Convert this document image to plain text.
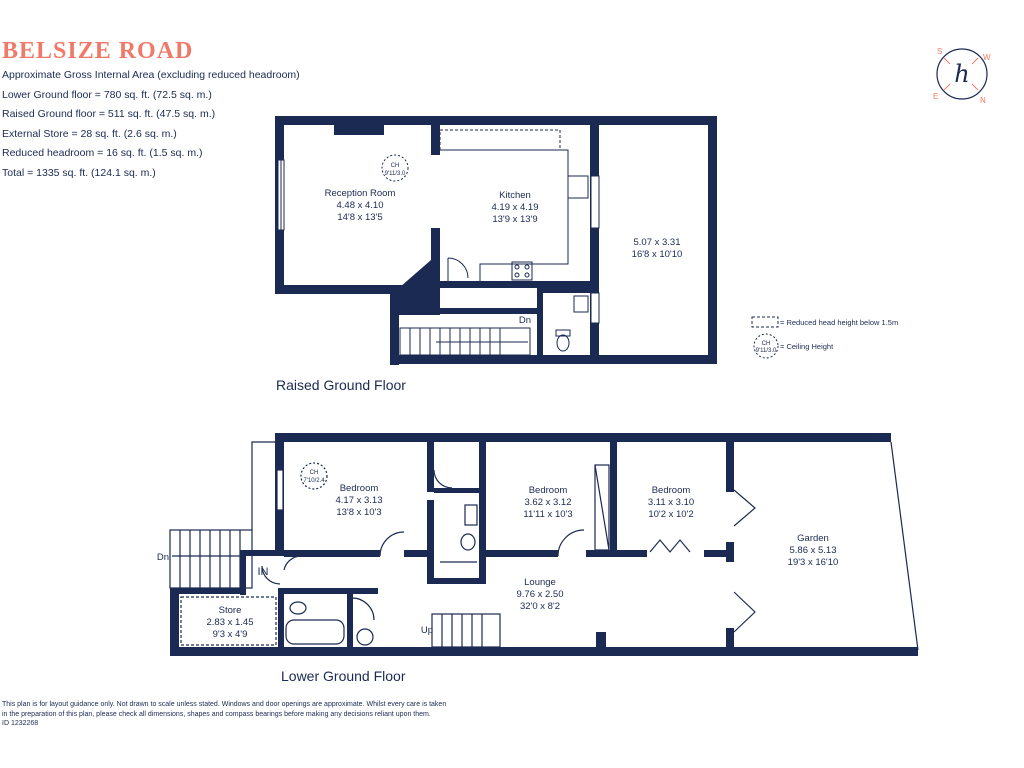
BELSIZE ROAD
Approximate Gross Internal Area (excluding reduced headroom)
Lower Ground floor = 780 sq. ft. (72.5 sq. m.)
Raised Ground floor = 511 sq. ft. (47.5 sq. m.)
External Store = 28 sq. ft. (2.6 sq. m.)
Reduced headroom = 16 sq. ft. (1.5 sq. m.)
Total = 1335 sq. ft. (124.1 sq. m.)
S
W
E	N
h
CH
9'11/3.0
Reception Room
4.48 x 4.10
14'8 x 13'5
Kitchen
4.19 x 4.19
13'9 x 13'9
5.07 x 3.31
16'8 x 10'10
Dn
Raised Ground Floor
= Reduced head height below 1.5m
CH
9'11/3.0 = Ceiling Height
CH
7'10/2.4
Bedroom
4.17 x 3.13
13'8 x 10'3
Bedroom
3.62 x 3.12
11'11 x 10'3
Bedroom
3.11 x 3.10
10'2 x 10'2
Garden
5.86 x 5.13
19'3 x 16'10
Lounge
9.76 x 2.50
32'0 x 8'2
Store
2.83 x 1.45
9'3 x 4'9
Dn
Up
IN
Lower Ground Floor
This plan is for layout guidance only. Not drawn to scale unless stated. Windows and door openings are approximate. Whilst every care is taken
in the preparation of this plan, please check all dimensions, shapes and compass bearings before making any decisions reliant upon them.
ID 1232268
